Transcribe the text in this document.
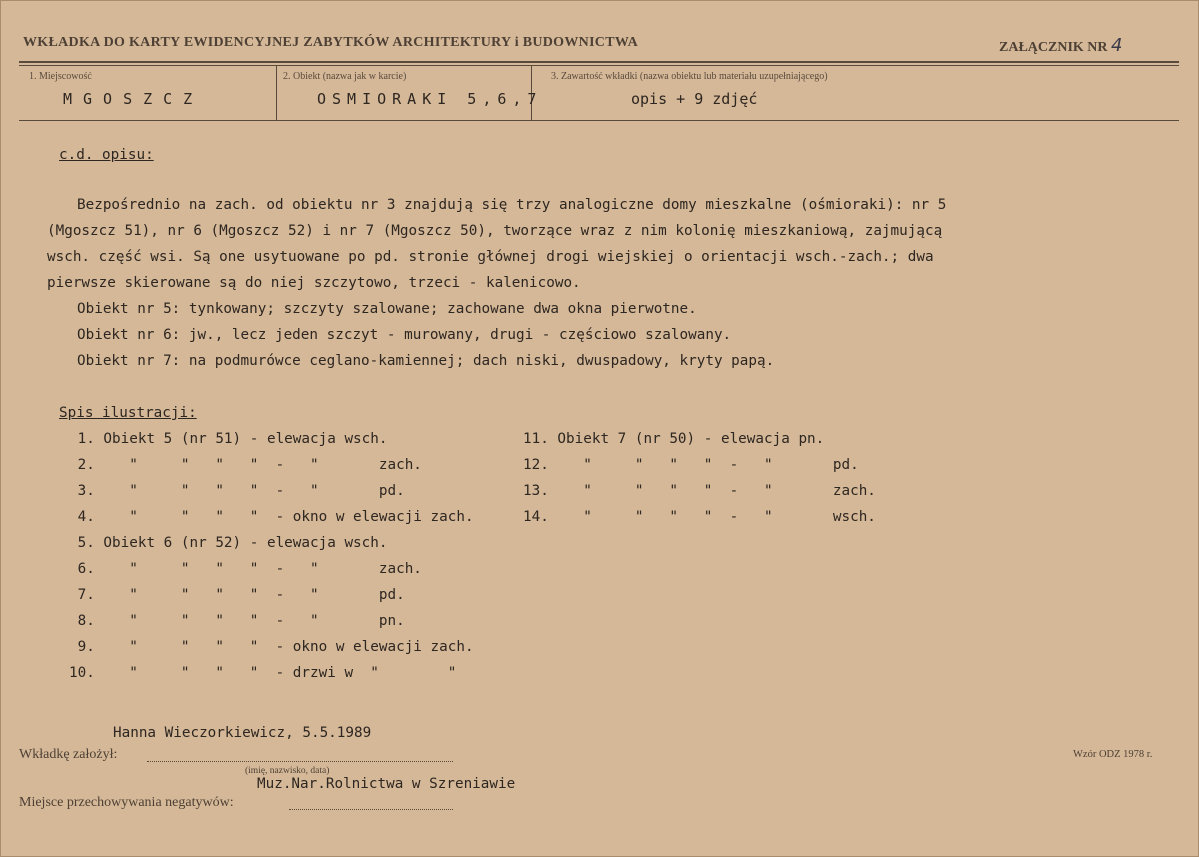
WKŁADKA DO KARTY EWIDENCYJNEJ ZABYTKÓW ARCHITEKTURY i BUDOWNICTWA	ZAŁĄCZNIK NR 4
1. Miejscowość	2. Obiekt (nazwa jak w karcie)	3. Zawartość wkładki (nazwa obiektu lub materiału uzupełniającego)
MGOSZCZ	OSMIORAKI 5,6,7	opis + 9 zdjęć
c.d. opisu:
Bezpośrednio na zach. od obiektu nr 3 znajdują się trzy analogiczne domy mieszkalne (ośmioraki): nr 5
(Mgoszcz 51), nr 6 (Mgoszcz 52) i nr 7 (Mgoszcz 50), tworzące wraz z nim kolonię mieszkaniową, zajmującą
wsch. część wsi. Są one usytuowane po pd. stronie głównej drogi wiejskiej o orientacji wsch.-zach.; dwa
pierwsze skierowane są do niej szczytowo, trzeci - kalenicowo.
Obiekt nr 5: tynkowany; szczyty szalowane; zachowane dwa okna pierwotne.
Obiekt nr 6: jw., lecz jeden szczyt - murowany, drugi - częściowo szalowany.
Obiekt nr 7: na podmurówce ceglano-kamiennej; dach niski, dwuspadowy, kryty papą.
Spis ilustracji:
1. Obiekt 5 (nr 51) - elewacja wsch.
2.    "     "   "   "  -   "       zach.
3.    "     "   "   "  -   "       pd.
4.    "     "   "   "  - okno w elewacji zach.
5. Obiekt 6 (nr 52) - elewacja wsch.
6.    "     "   "   "  -   "       zach.
7.    "     "   "   "  -   "       pd.
8.    "     "   "   "  -   "       pn.
9.    "     "   "   "  - okno w elewacji zach.
10.    "     "   "   "  - drzwi w  "        "
11. Obiekt 7 (nr 50) - elewacja pn.
12.    "     "   "   "  -   "       pd.
13.    "     "   "   "  -   "       zach.
14.    "     "   "   "  -   "       wsch.
Hanna Wieczorkiewicz, 5.5.1989
Wkładkę założył:
(imię, nazwisko, data)
Muz.Nar.Rolnictwa w Szreniawie
Miejsce przechowywania negatywów:
Wzór ODZ 1978 r.
